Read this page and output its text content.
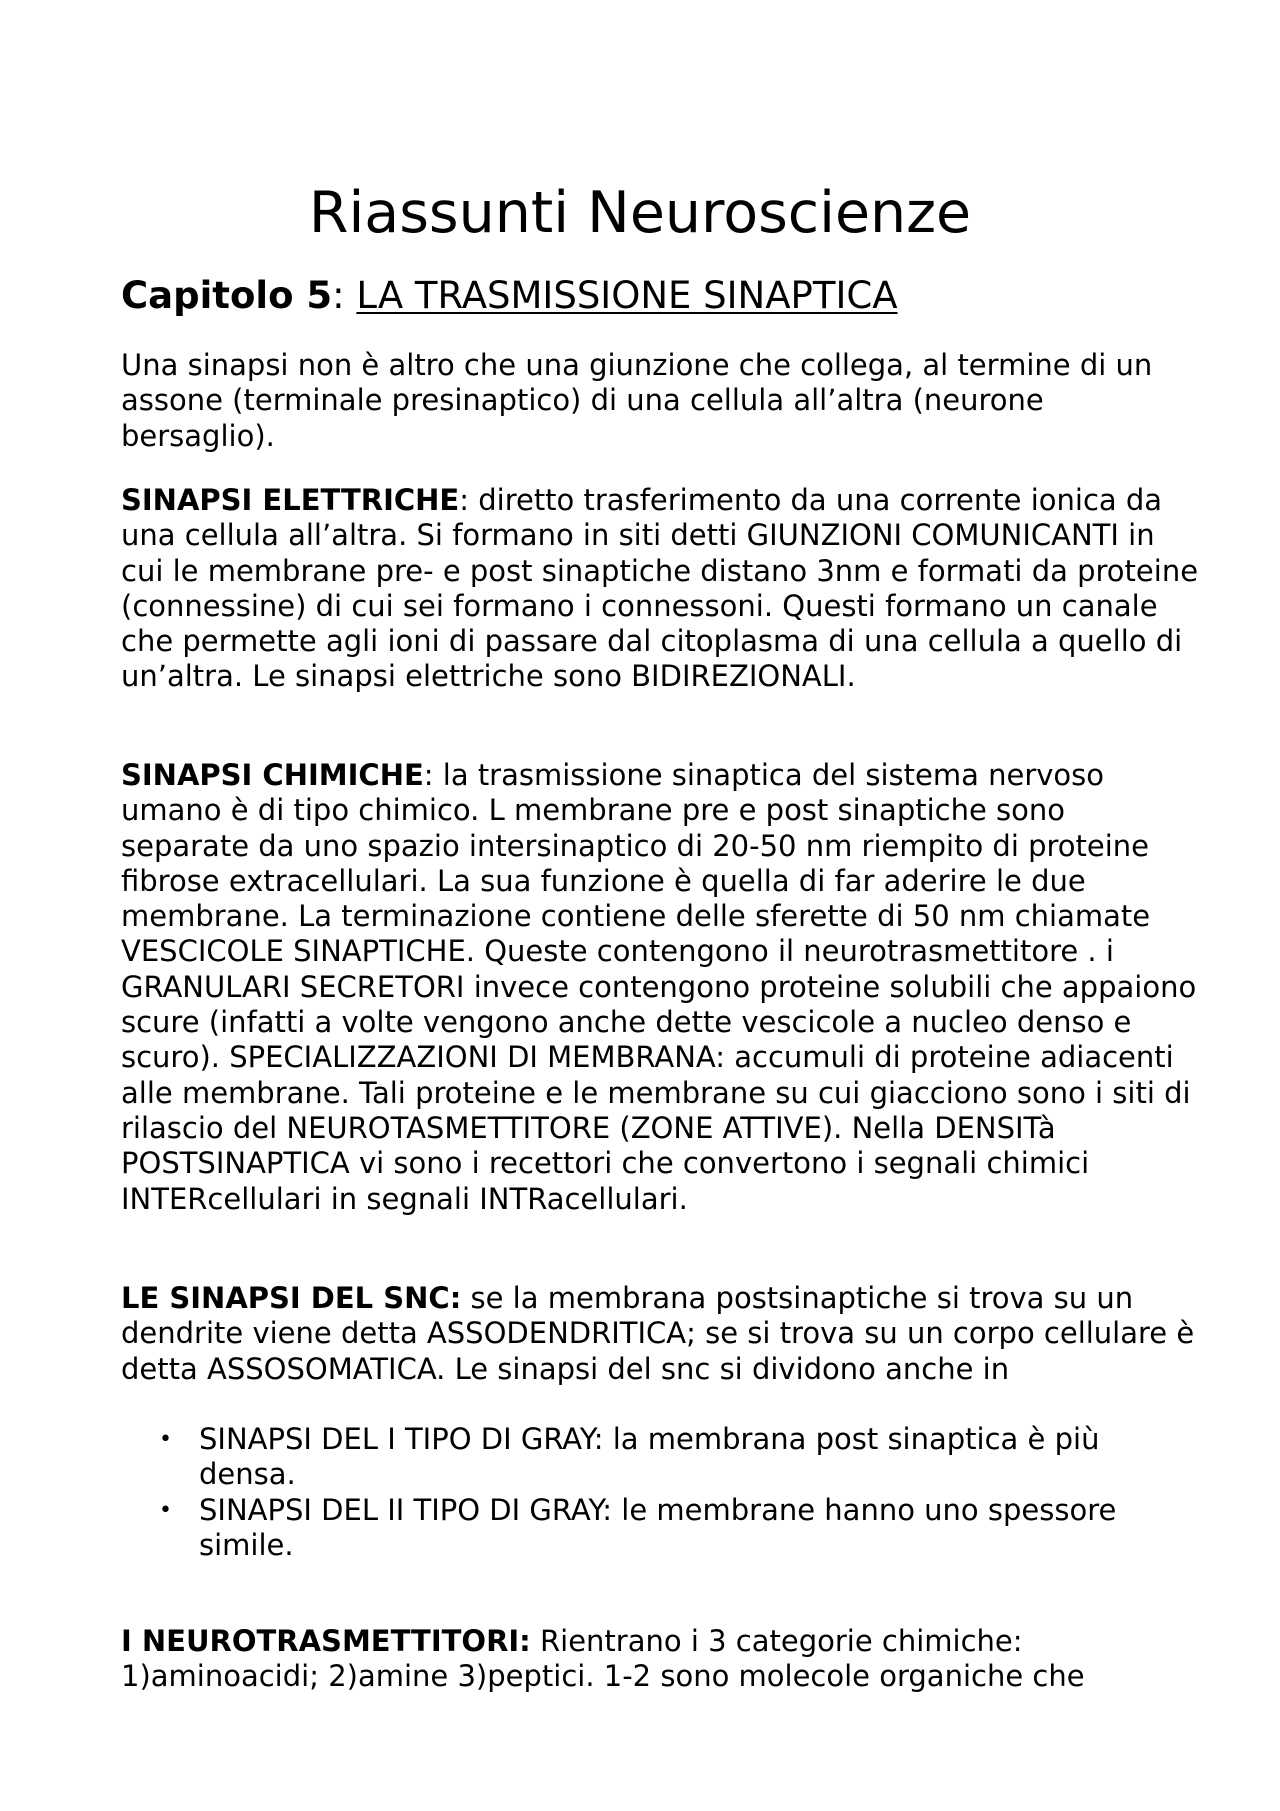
Riassunti Neuroscienze
Capitolo 5: LA TRASMISSIONE SINAPTICA

Una sinapsi non è altro che una giunzione che collega, al termine di un assone (terminale presinaptico) di una cellula all’altra (neurone bersaglio).

SINAPSI ELETTRICHE: diretto trasferimento da una corrente ionica da una cellula all’altra. Si formano in siti detti GIUNZIONI COMUNICANTI in cui le membrane pre- e post sinaptiche distano 3nm e formati da proteine (connessine) di cui sei formano i connessoni. Questi formano un canale che permette agli ioni di passare dal citoplasma di una cellula a quello di un’altra. Le sinapsi elettriche sono BIDIREZIONALI.

SINAPSI CHIMICHE: la trasmissione sinaptica del sistema nervoso umano è di tipo chimico. L membrane pre e post sinaptiche sono separate da uno spazio intersinaptico di 20-50 nm riempito di proteine fibrose extracellulari. La sua funzione è quella di far aderire le due membrane. La terminazione contiene delle sferette di 50 nm chiamate VESCICOLE SINAPTICHE. Queste contengono il neurotrasmettitore . i GRANULARI SECRETORI invece contengono proteine solubili che appaiono scure (infatti a volte vengono anche dette vescicole a nucleo denso e scuro). SPECIALIZZAZIONI DI MEMBRANA: accumuli di proteine adiacenti alle membrane. Tali proteine e le membrane su cui giacciono sono i siti di rilascio del NEUROTASMETTITORE (ZONE ATTIVE). Nella DENSITà POSTSINAPTICA vi sono i recettori che convertono i segnali chimici INTERcellulari in segnali INTRacellulari.

LE SINAPSI DEL SNC: se la membrana postsinaptiche si trova su un dendrite viene detta ASSODENDRITICA; se si trova su un corpo cellulare è detta ASSOSOMATICA. Le sinapsi del snc si dividono anche in

• SINAPSI DEL I TIPO DI GRAY: la membrana post sinaptica è più densa.
• SINAPSI DEL II TIPO DI GRAY: le membrane hanno uno spessore simile.

I NEUROTRASMETTITORI: Rientrano i 3 categorie chimiche: 1)aminoacidi; 2)amine 3)peptici. 1-2 sono molecole organiche che
